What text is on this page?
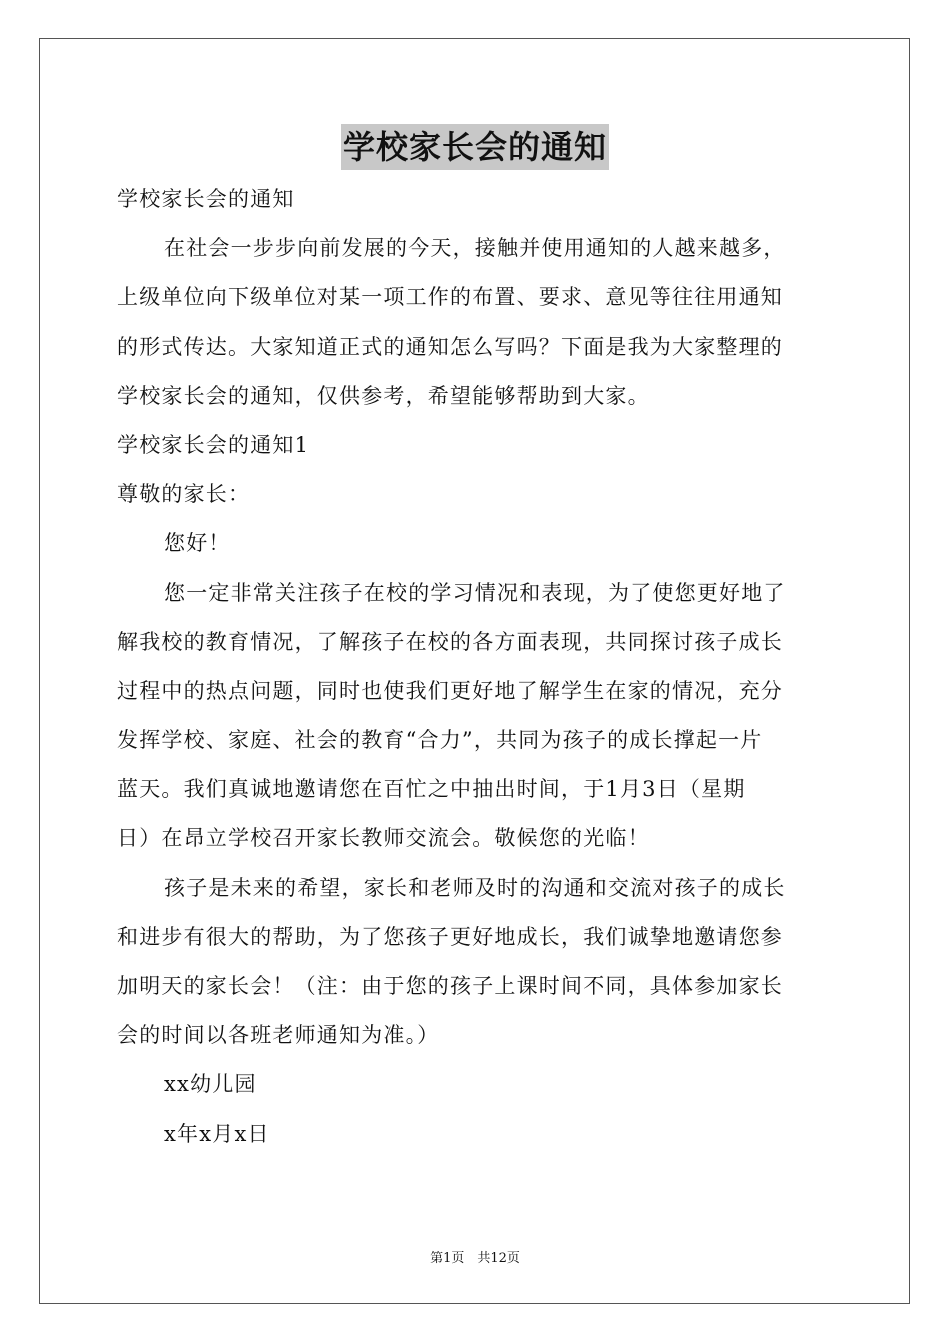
学校家长会的通知
学校家长会的通知
在社会一步步向前发展的今天，接触并使用通知的人越来越多，
上级单位向下级单位对某一项工作的布置、要求、意见等往往用通知
的形式传达。大家知道正式的通知怎么写吗？下面是我为大家整理的
学校家长会的通知，仅供参考，希望能够帮助到大家。
学校家长会的通知1
尊敬的家长：
您好！
您一定非常关注孩子在校的学习情况和表现，为了使您更好地了
解我校的教育情况，了解孩子在校的各方面表现，共同探讨孩子成长
过程中的热点问题，同时也使我们更好地了解学生在家的情况，充分
发挥学校、家庭、社会的教育“合力”，共同为孩子的成长撑起一片
蓝天。我们真诚地邀请您在百忙之中抽出时间，于1月3日（星期
日）在昂立学校召开家长教师交流会。敬候您的光临！
孩子是未来的希望，家长和老师及时的沟通和交流对孩子的成长
和进步有很大的帮助，为了您孩子更好地成长，我们诚挚地邀请您参
加明天的家长会！（注：由于您的孩子上课时间不同，具体参加家长
会的时间以各班老师通知为准。）
xx幼儿园
x年x月x日
第1页　共12页
